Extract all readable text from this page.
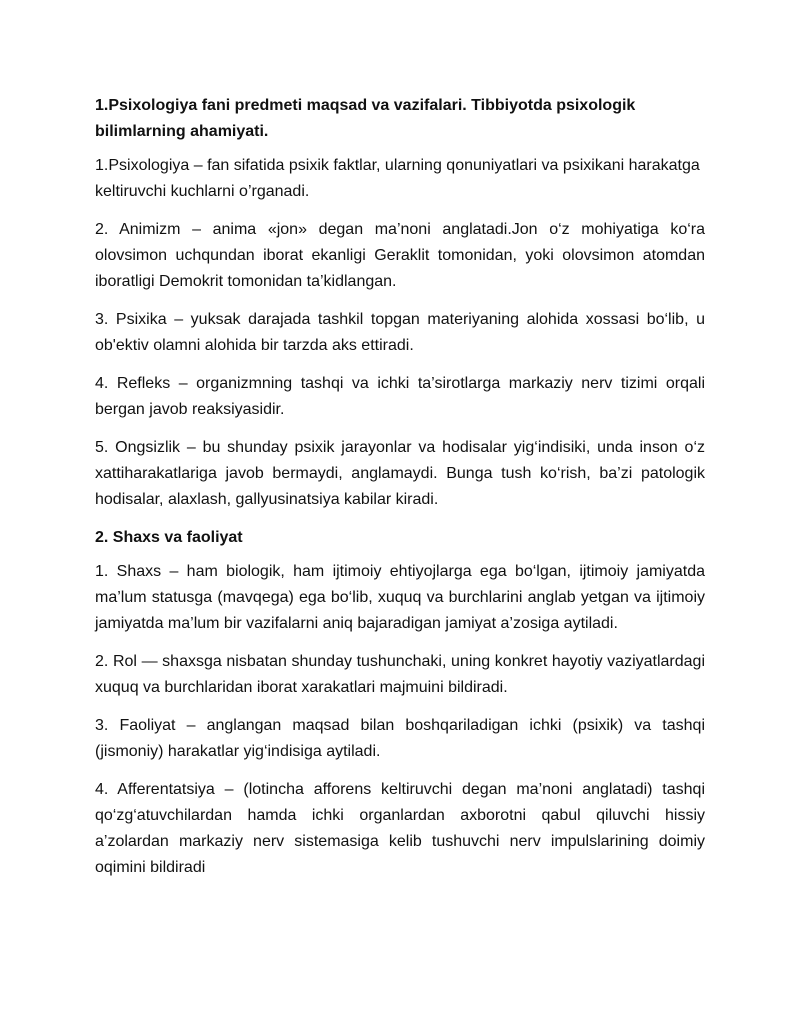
1.Psixologiya fani predmeti maqsad va vazifalari. Tibbiyotda psixologik bilimlarning ahamiyati.
1.Psixologiya – fan sifatida psixik faktlar, ularning qonuniyatlari va psixikani harakatga keltiruvchi kuchlarni o’rganadi.
2. Animizm – anima «jon» degan ma’noni anglatadi.Jon o‘z mohiyatiga ko‘ra olovsimon uchqundan iborat ekanligi Geraklit tomonidan, yoki olovsimon atomdan iboratligi Demokrit tomonidan ta’kidlangan.
3. Psixika – yuksak darajada tashkil topgan materiyaning alohida xossasi bo‘lib, u ob'ektiv olamni alohida bir tarzda aks ettiradi.
4. Refleks – organizmning tashqi va ichki ta’sirotlarga markaziy nerv tizimi orqali bergan javob reaksiyasidir.
5. Ongsizlik – bu shunday psixik jarayonlar va hodisalar yig‘indisiki, unda inson o‘z xattiharakatlariga javob bermaydi, anglamaydi. Bunga tush ko‘rish, ba’zi patologik hodisalar, alaxlash, gallyusinatsiya kabilar kiradi.
2. Shaxs va faoliyat
1. Shaxs – ham biologik, ham ijtimoiy ehtiyojlarga ega bo‘lgan, ijtimoiy jamiyatda ma’lum statusga (mavqega) ega bo‘lib, xuquq va burchlarini anglab yetgan va ijtimoiy jamiyatda ma’lum bir vazifalarni aniq bajaradigan jamiyat a’zosiga aytiladi.
2. Rol — shaxsga nisbatan shunday tushunchaki, uning konkret hayotiy vaziyatlardagi xuquq va burchlaridan iborat xarakatlari majmuini bildiradi.
3. Faoliyat – anglangan maqsad bilan boshqariladigan ichki (psixik) va tashqi (jismoniy) harakatlar yig‘indisiga aytiladi.
4. Afferentatsiya – (lotincha afforens keltiruvchi degan ma’noni anglatadi) tashqi qo‘zg‘atuvchilardan hamda ichki organlardan axborotni qabul qiluvchi hissiy a’zolardan markaziy nerv sistemasiga kelib tushuvchi nerv impulslarining doimiy oqimini bildiradi
